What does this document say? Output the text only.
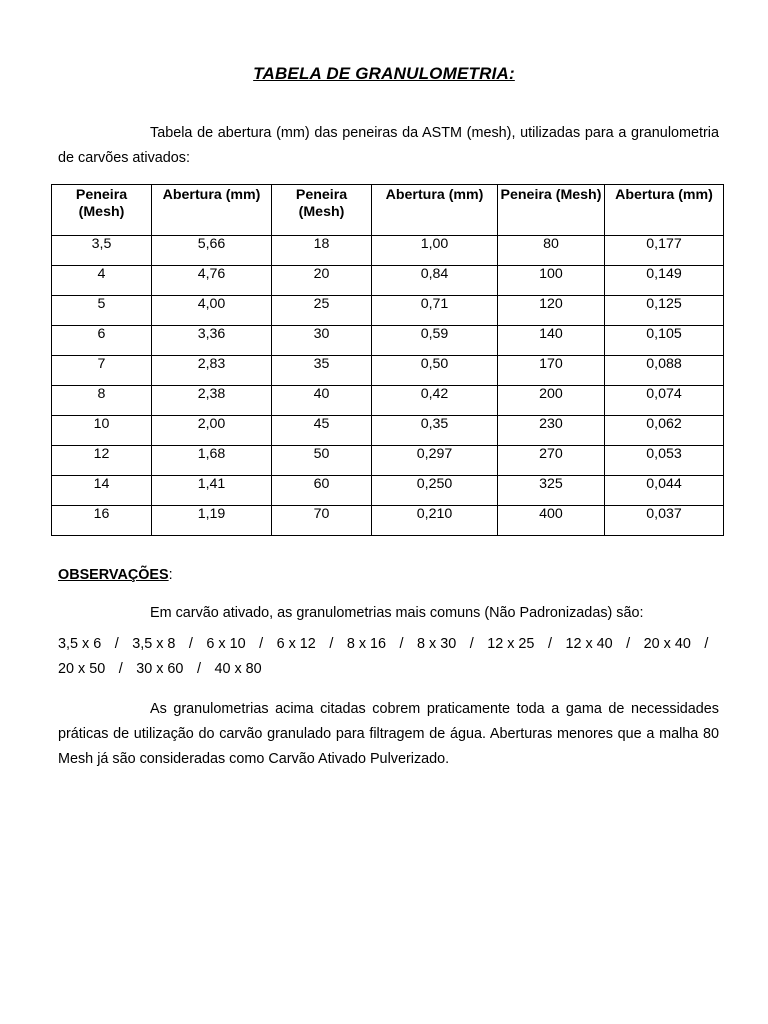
TABELA DE GRANULOMETRIA:

Tabela de abertura (mm) das peneiras da ASTM (mesh), utilizadas para a granulometria de carvões ativados:

Peneira (Mesh)	Abertura (mm)	Peneira (Mesh)	Abertura (mm)	Peneira (Mesh)	Abertura (mm)
3,5	5,66	18	1,00	80	0,177
4	4,76	20	0,84	100	0,149
5	4,00	25	0,71	120	0,125
6	3,36	30	0,59	140	0,105
7	2,83	35	0,50	170	0,088
8	2,38	40	0,42	200	0,074
10	2,00	45	0,35	230	0,062
12	1,68	50	0,297	270	0,053
14	1,41	60	0,250	325	0,044
16	1,19	70	0,210	400	0,037
OBSERVAÇÕES:

Em carvão ativado, as granulometrias mais comuns (Não Padronizadas) são:

3,5 x 6 / 3,5 x 8 / 6 x 10 / 6 x 12 / 8 x 16 / 8 x 30 / 12 x 25 / 12 x 40 / 20 x 40 / 20 x 50 / 30 x 60 / 40 x 80

As granulometrias acima citadas cobrem praticamente toda a gama de necessidades práticas de utilização do carvão granulado para filtragem de água. Aberturas menores que a malha 80 Mesh já são consideradas como Carvão Ativado Pulverizado.
